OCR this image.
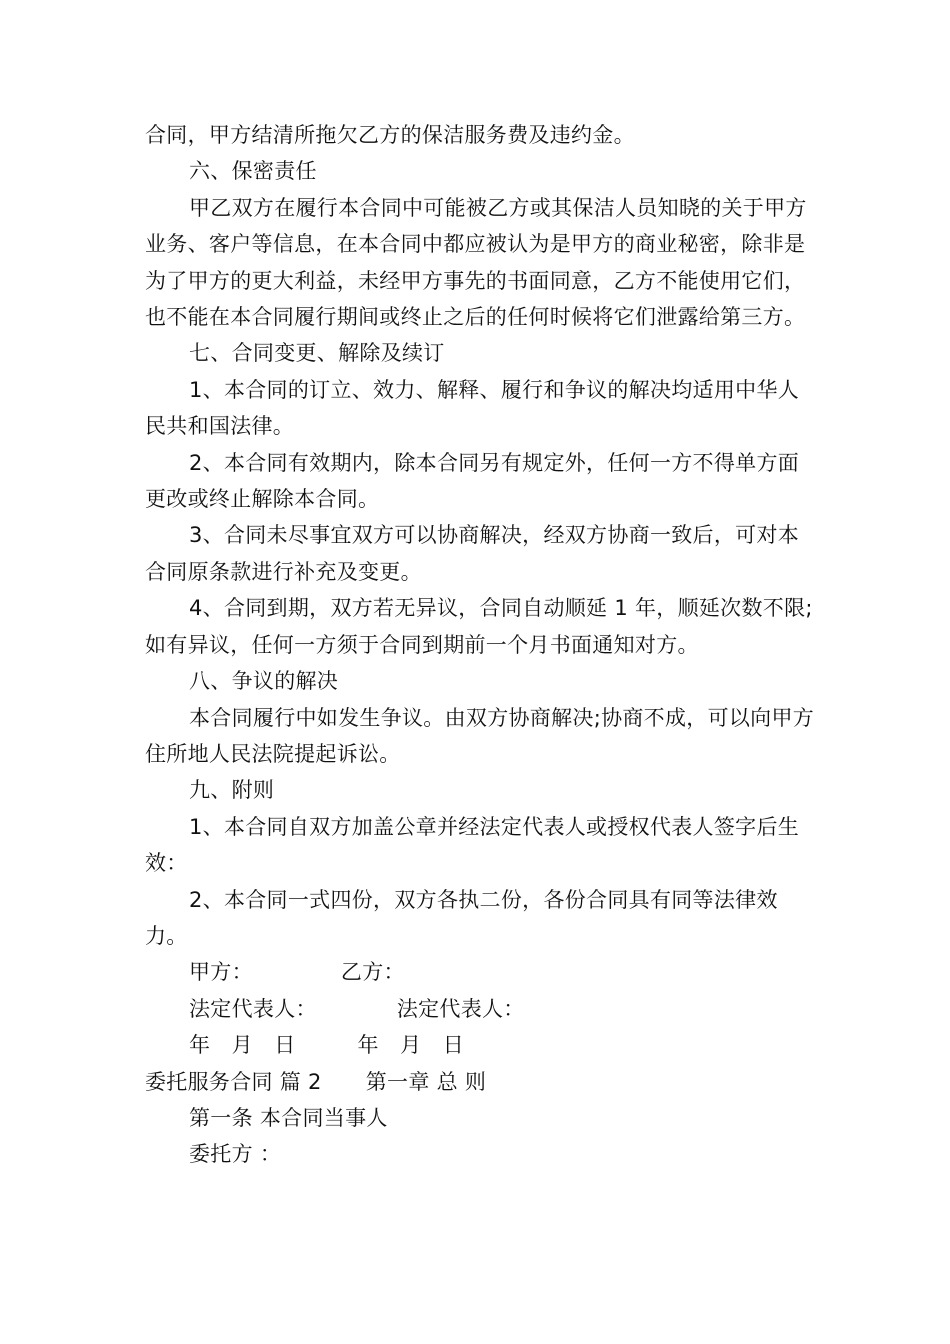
合同，甲方结清所拖欠乙方的保洁服务费及违约金。

六、保密责任

甲乙双方在履行本合同中可能被乙方或其保洁人员知晓的关于甲方业务、客户等信息，在本合同中都应被认为是甲方的商业秘密，除非是为了甲方的更大利益，未经甲方事先的书面同意，乙方不能使用它们，也不能在本合同履行期间或终止之后的任何时候将它们泄露给第三方。

七、合同变更、解除及续订

1、本合同的订立、效力、解释、履行和争议的解决均适用中华人民共和国法律。

2、本合同有效期内，除本合同另有规定外，任何一方不得单方面更改或终止解除本合同。

3、合同未尽事宜双方可以协商解决，经双方协商一致后，可对本合同原条款进行补充及变更。

4、合同到期，双方若无异议，合同自动顺延 1 年，顺延次数不限;如有异议，任何一方须于合同到期前一个月书面通知对方。

八、争议的解决

本合同履行中如发生争议。由双方协商解决;协商不成，可以向甲方住所地人民法院提起诉讼。

九、附则

1、本合同自双方加盖公章并经法定代表人或授权代表人签字后生效：

2、本合同一式四份，双方各执二份，各份合同具有同等法律效力。

甲方：	乙方：
法定代表人：	法定代表人：
年　月　日	年　月　日
委托服务合同 篇 2 第一章 总 则
第一条 本合同当事人
委托方 ：
